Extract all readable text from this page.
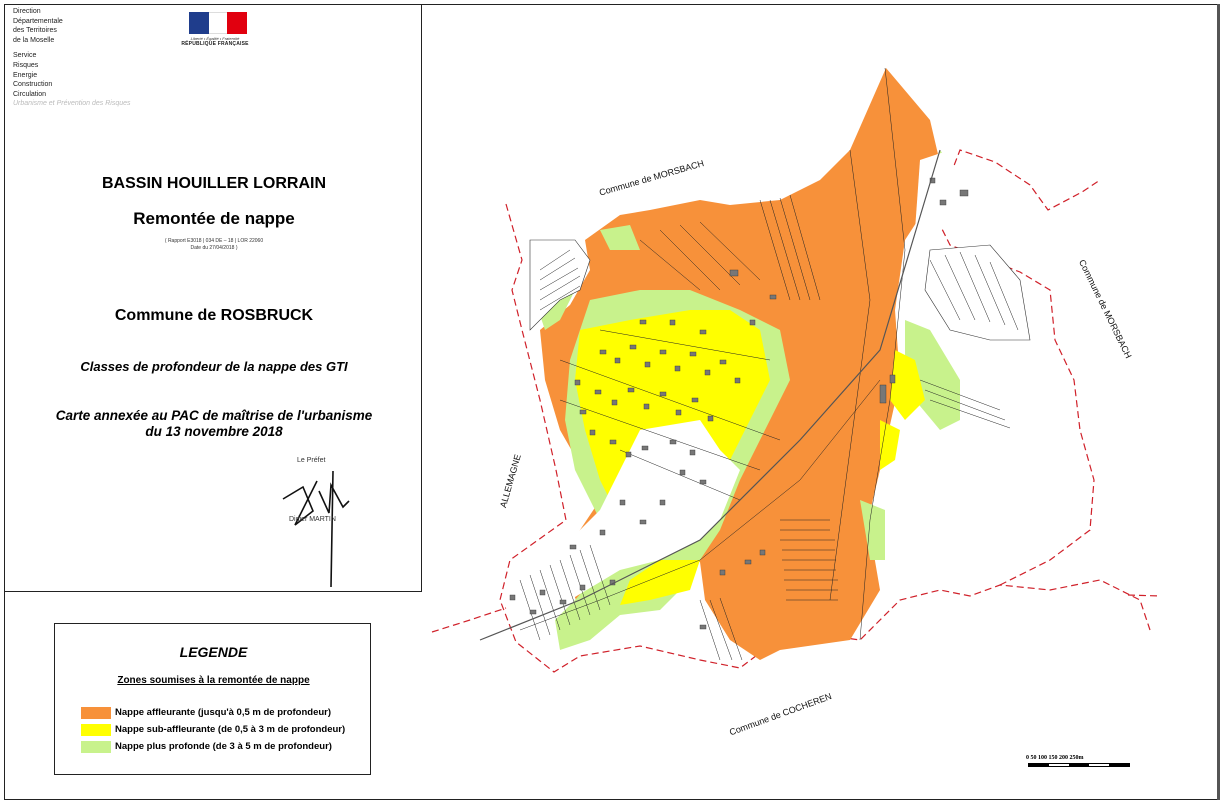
Commune de MORSBACH
Commune de MORSBACH
ALLEMAGNE
Commune de COCHEREN
Direction
Départementale
des Territoires
de la Moselle
Service
Risques
Energie
Construction
Circulation
Urbanisme et Prévention des Risques
Liberté • Égalité • Fraternité
RÉPUBLIQUE FRANÇAISE
BASSIN HOUILLER LORRAIN
Remontée de nappe
( Rapport E3018 | 034 DE – 18 | LOR 22060
Date du 27/04/2018 )
Commune de ROSBRUCK
Classes de profondeur de la nappe des GTI
Carte annexée au PAC de maîtrise de l'urbanisme
du 13 novembre 2018
Le Préfet
Didier MARTIN
LEGENDE
Zones soumises à la remontée de nappe
Nappe affleurante (jusqu'à 0,5 m de profondeur)
Nappe sub-affleurante (de 0,5 à 3 m de profondeur)
Nappe plus profonde (de 3 à 5 m de profondeur)
0 50 100 150 200 250m
